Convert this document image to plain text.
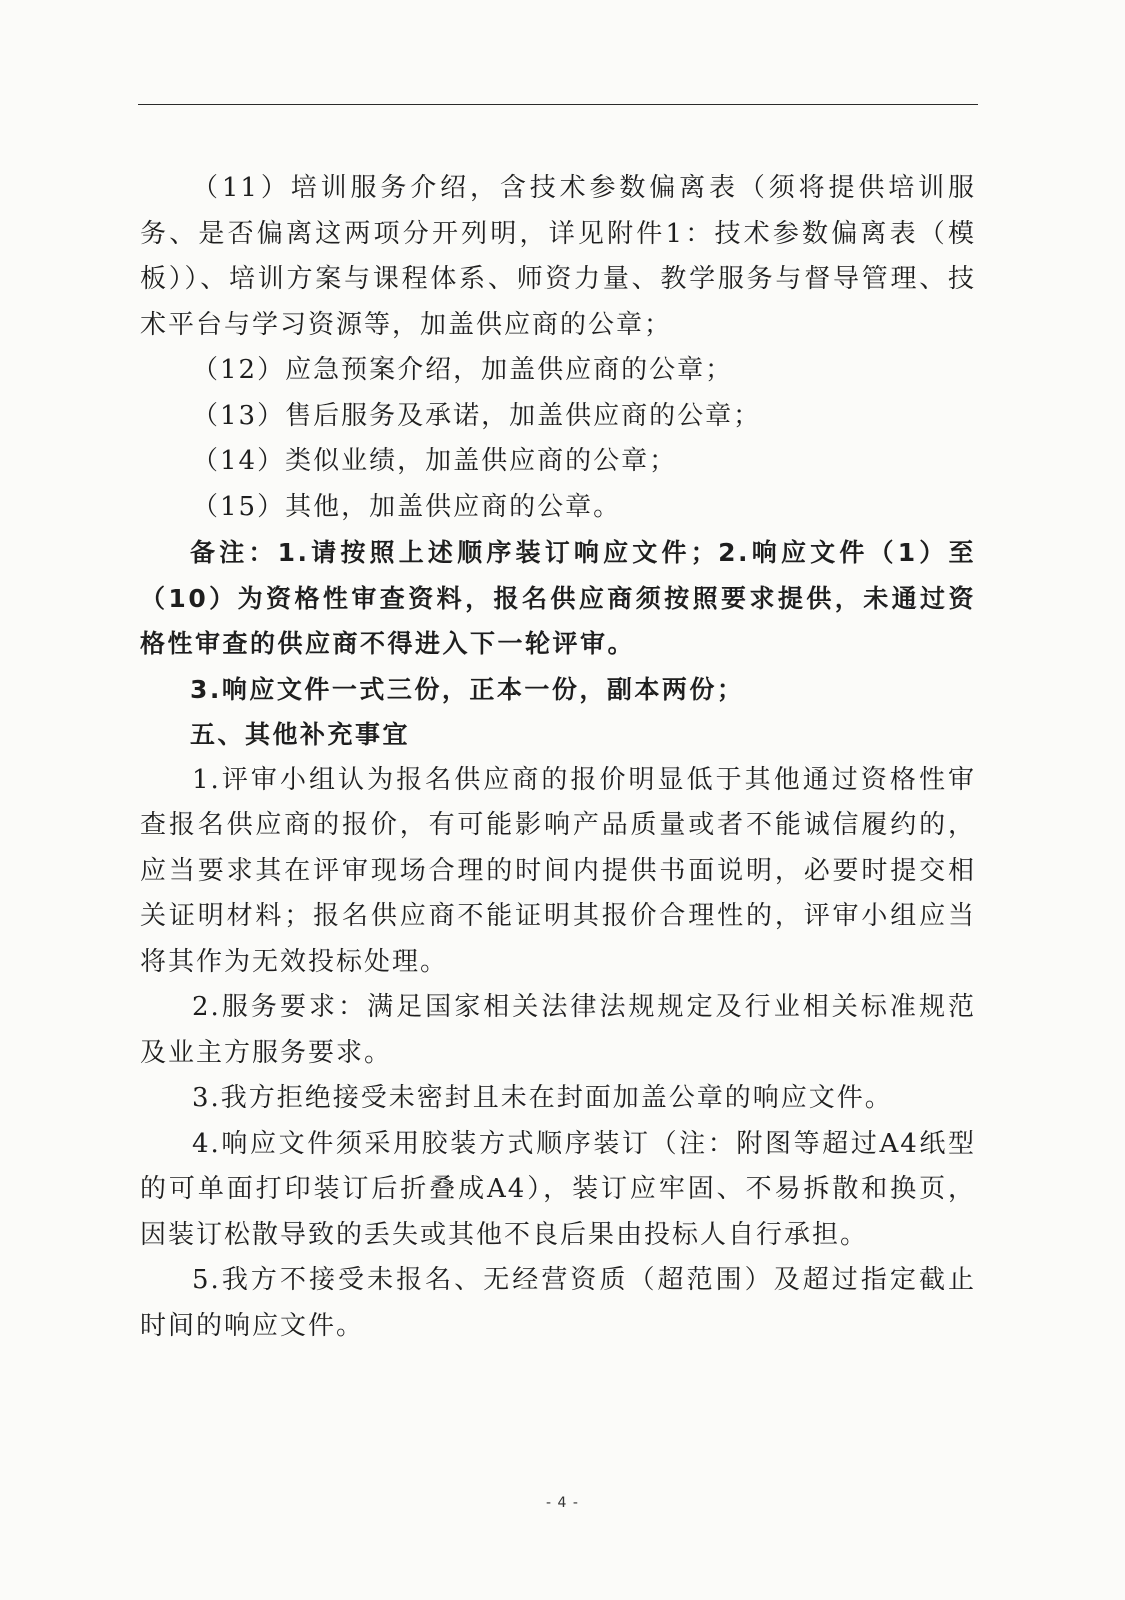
（11）培训服务介绍，含技术参数偏离表（须将提供培训服务、是否偏离这两项分开列明，详见附件1：技术参数偏离表（模板））、培训方案与课程体系、师资力量、教学服务与督导管理、技术平台与学习资源等，加盖供应商的公章；

（12）应急预案介绍，加盖供应商的公章；

（13）售后服务及承诺，加盖供应商的公章；

（14）类似业绩，加盖供应商的公章；

（15）其他，加盖供应商的公章。

备注：1.请按照上述顺序装订响应文件；2.响应文件（1）至（10）为资格性审查资料，报名供应商须按照要求提供，未通过资格性审查的供应商不得进入下一轮评审。

3.响应文件一式三份，正本一份，副本两份；

五、其他补充事宜

1.评审小组认为报名供应商的报价明显低于其他通过资格性审查报名供应商的报价，有可能影响产品质量或者不能诚信履约的，应当要求其在评审现场合理的时间内提供书面说明，必要时提交相关证明材料；报名供应商不能证明其报价合理性的，评审小组应当将其作为无效投标处理。

2.服务要求：满足国家相关法律法规规定及行业相关标准规范及业主方服务要求。

3.我方拒绝接受未密封且未在封面加盖公章的响应文件。

4.响应文件须采用胶装方式顺序装订（注：附图等超过A4纸型的可单面打印装订后折叠成A4），装订应牢固、不易拆散和换页，因装订松散导致的丢失或其他不良后果由投标人自行承担。

5.我方不接受未报名、无经营资质（超范围）及超过指定截止时间的响应文件。

- 4 -
